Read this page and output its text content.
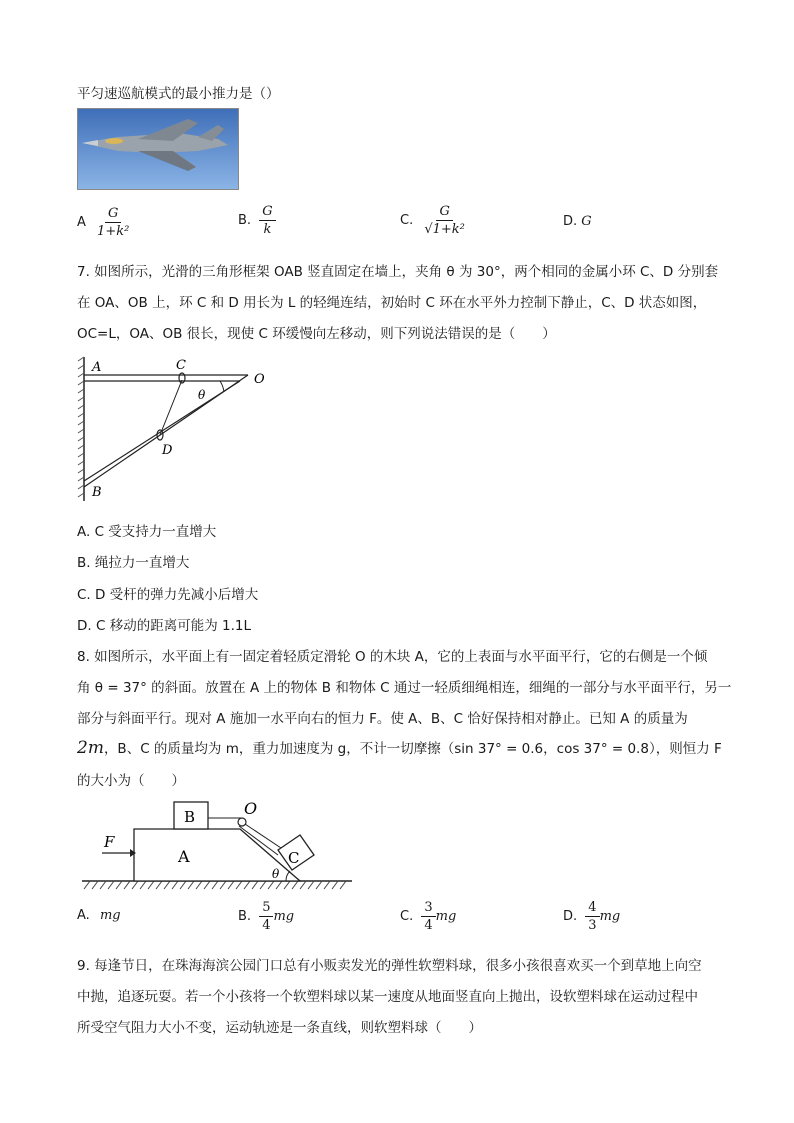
平匀速巡航模式的最小推力是（）
A $\frac{G}{\text{1+k²}}$	B. $\frac{G}{k}$	C. $\frac{G}{\text{√1+k²}}$	D. G
7. 如图所示，光滑的三角形框架 OAB 竖直固定在墙上，夹角 θ 为 30°，两个相同的金属小环 C、D 分别套
在 OA、OB 上，环 C 和 D 用长为 L 的轻绳连结，初始时 C 环在水平外力控制下静止，C、D 状态如图，
OC=L，OA、OB 很长，现使 C 环缓慢向左移动，则下列说法错误的是（　　）
A	C
O
θ
D
B
A. C 受支持力一直增大
B. 绳拉力一直增大
C. D 受杆的弹力先减小后增大
D. C 移动的距离可能为 1.1L
8. 如图所示，水平面上有一固定着轻质定滑轮 O 的木块 A，它的上表面与水平面平行，它的右侧是一个倾
角 θ = 37° 的斜面。放置在 A 上的物体 B 和物体 C 通过一轻质细绳相连，细绳的一部分与水平面平行，另一
部分与斜面平行。现对 A 施加一水平向右的恒力 F。使 A、B、C 恰好保持相对静止。已知 A 的质量为
2m，B、C 的质量均为 m，重力加速度为 g，不计一切摩擦（sin 37° = 0.6，cos 37° = 0.8），则恒力 F
的大小为（　　）
F
A
B
C
O
θ
A. mg	B. $\frac{5}{4}$ mg	C. $\frac{3}{4}$ mg	D. $\frac{4}{3}$ mg
9. 每逢节日，在珠海海滨公园门口总有小贩卖发光的弹性软塑料球，很多小孩很喜欢买一个到草地上向空
中抛，追逐玩耍。若一个小孩将一个软塑料球以某一速度从地面竖直向上抛出，设软塑料球在运动过程中
所受空气阻力大小不变，运动轨迹是一条直线，则软塑料球（　　）
